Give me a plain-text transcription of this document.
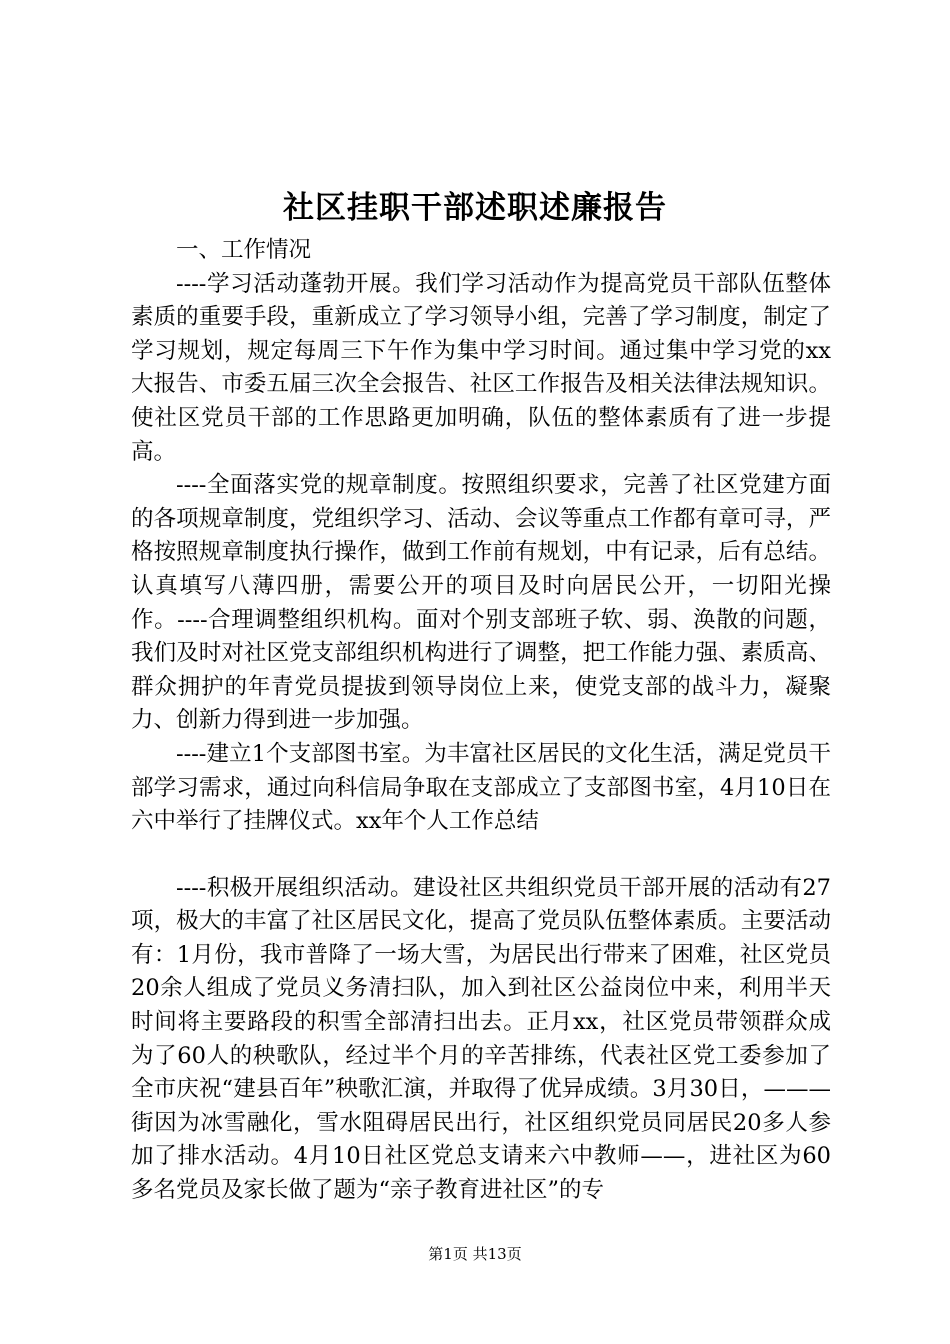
社区挂职干部述职述廉报告

一、工作情况

----学习活动蓬勃开展。我们学习活动作为提高党员干部队伍整体素质的重要手段，重新成立了学习领导小组，完善了学习制度，制定了学习规划，规定每周三下午作为集中学习时间。通过集中学习党的xx大报告、市委五届三次全会报告、社区工作报告及相关法律法规知识。使社区党员干部的工作思路更加明确，队伍的整体素质有了进一步提高。

----全面落实党的规章制度。按照组织要求，完善了社区党建方面的各项规章制度，党组织学习、活动、会议等重点工作都有章可寻，严格按照规章制度执行操作，做到工作前有规划，中有记录，后有总结。认真填写八薄四册，需要公开的项目及时向居民公开，一切阳光操作。----合理调整组织机构。面对个别支部班子软、弱、涣散的问题，我们及时对社区党支部组织机构进行了调整，把工作能力强、素质高、群众拥护的年青党员提拔到领导岗位上来，使党支部的战斗力，凝聚力、创新力得到进一步加强。

----建立1个支部图书室。为丰富社区居民的文化生活，满足党员干部学习需求，通过向科信局争取在支部成立了支部图书室，4月10日在六中举行了挂牌仪式。xx年个人工作总结

----积极开展组织活动。建设社区共组织党员干部开展的活动有27项，极大的丰富了社区居民文化，提高了党员队伍整体素质。主要活动有：1月份，我市普降了一场大雪，为居民出行带来了困难，社区党员20余人组成了党员义务清扫队，加入到社区公益岗位中来，利用半天时间将主要路段的积雪全部清扫出去。正月xx，社区党员带领群众成为了60人的秧歌队，经过半个月的辛苦排练，代表社区党工委参加了全市庆祝“建县百年”秧歌汇演，并取得了优异成绩。3月30日，———街因为冰雪融化，雪水阻碍居民出行，社区组织党员同居民20多人参加了排水活动。4月10日社区党总支请来六中教师——，进社区为60多名党员及家长做了题为“亲子教育进社区”的专

第1页 共13页
